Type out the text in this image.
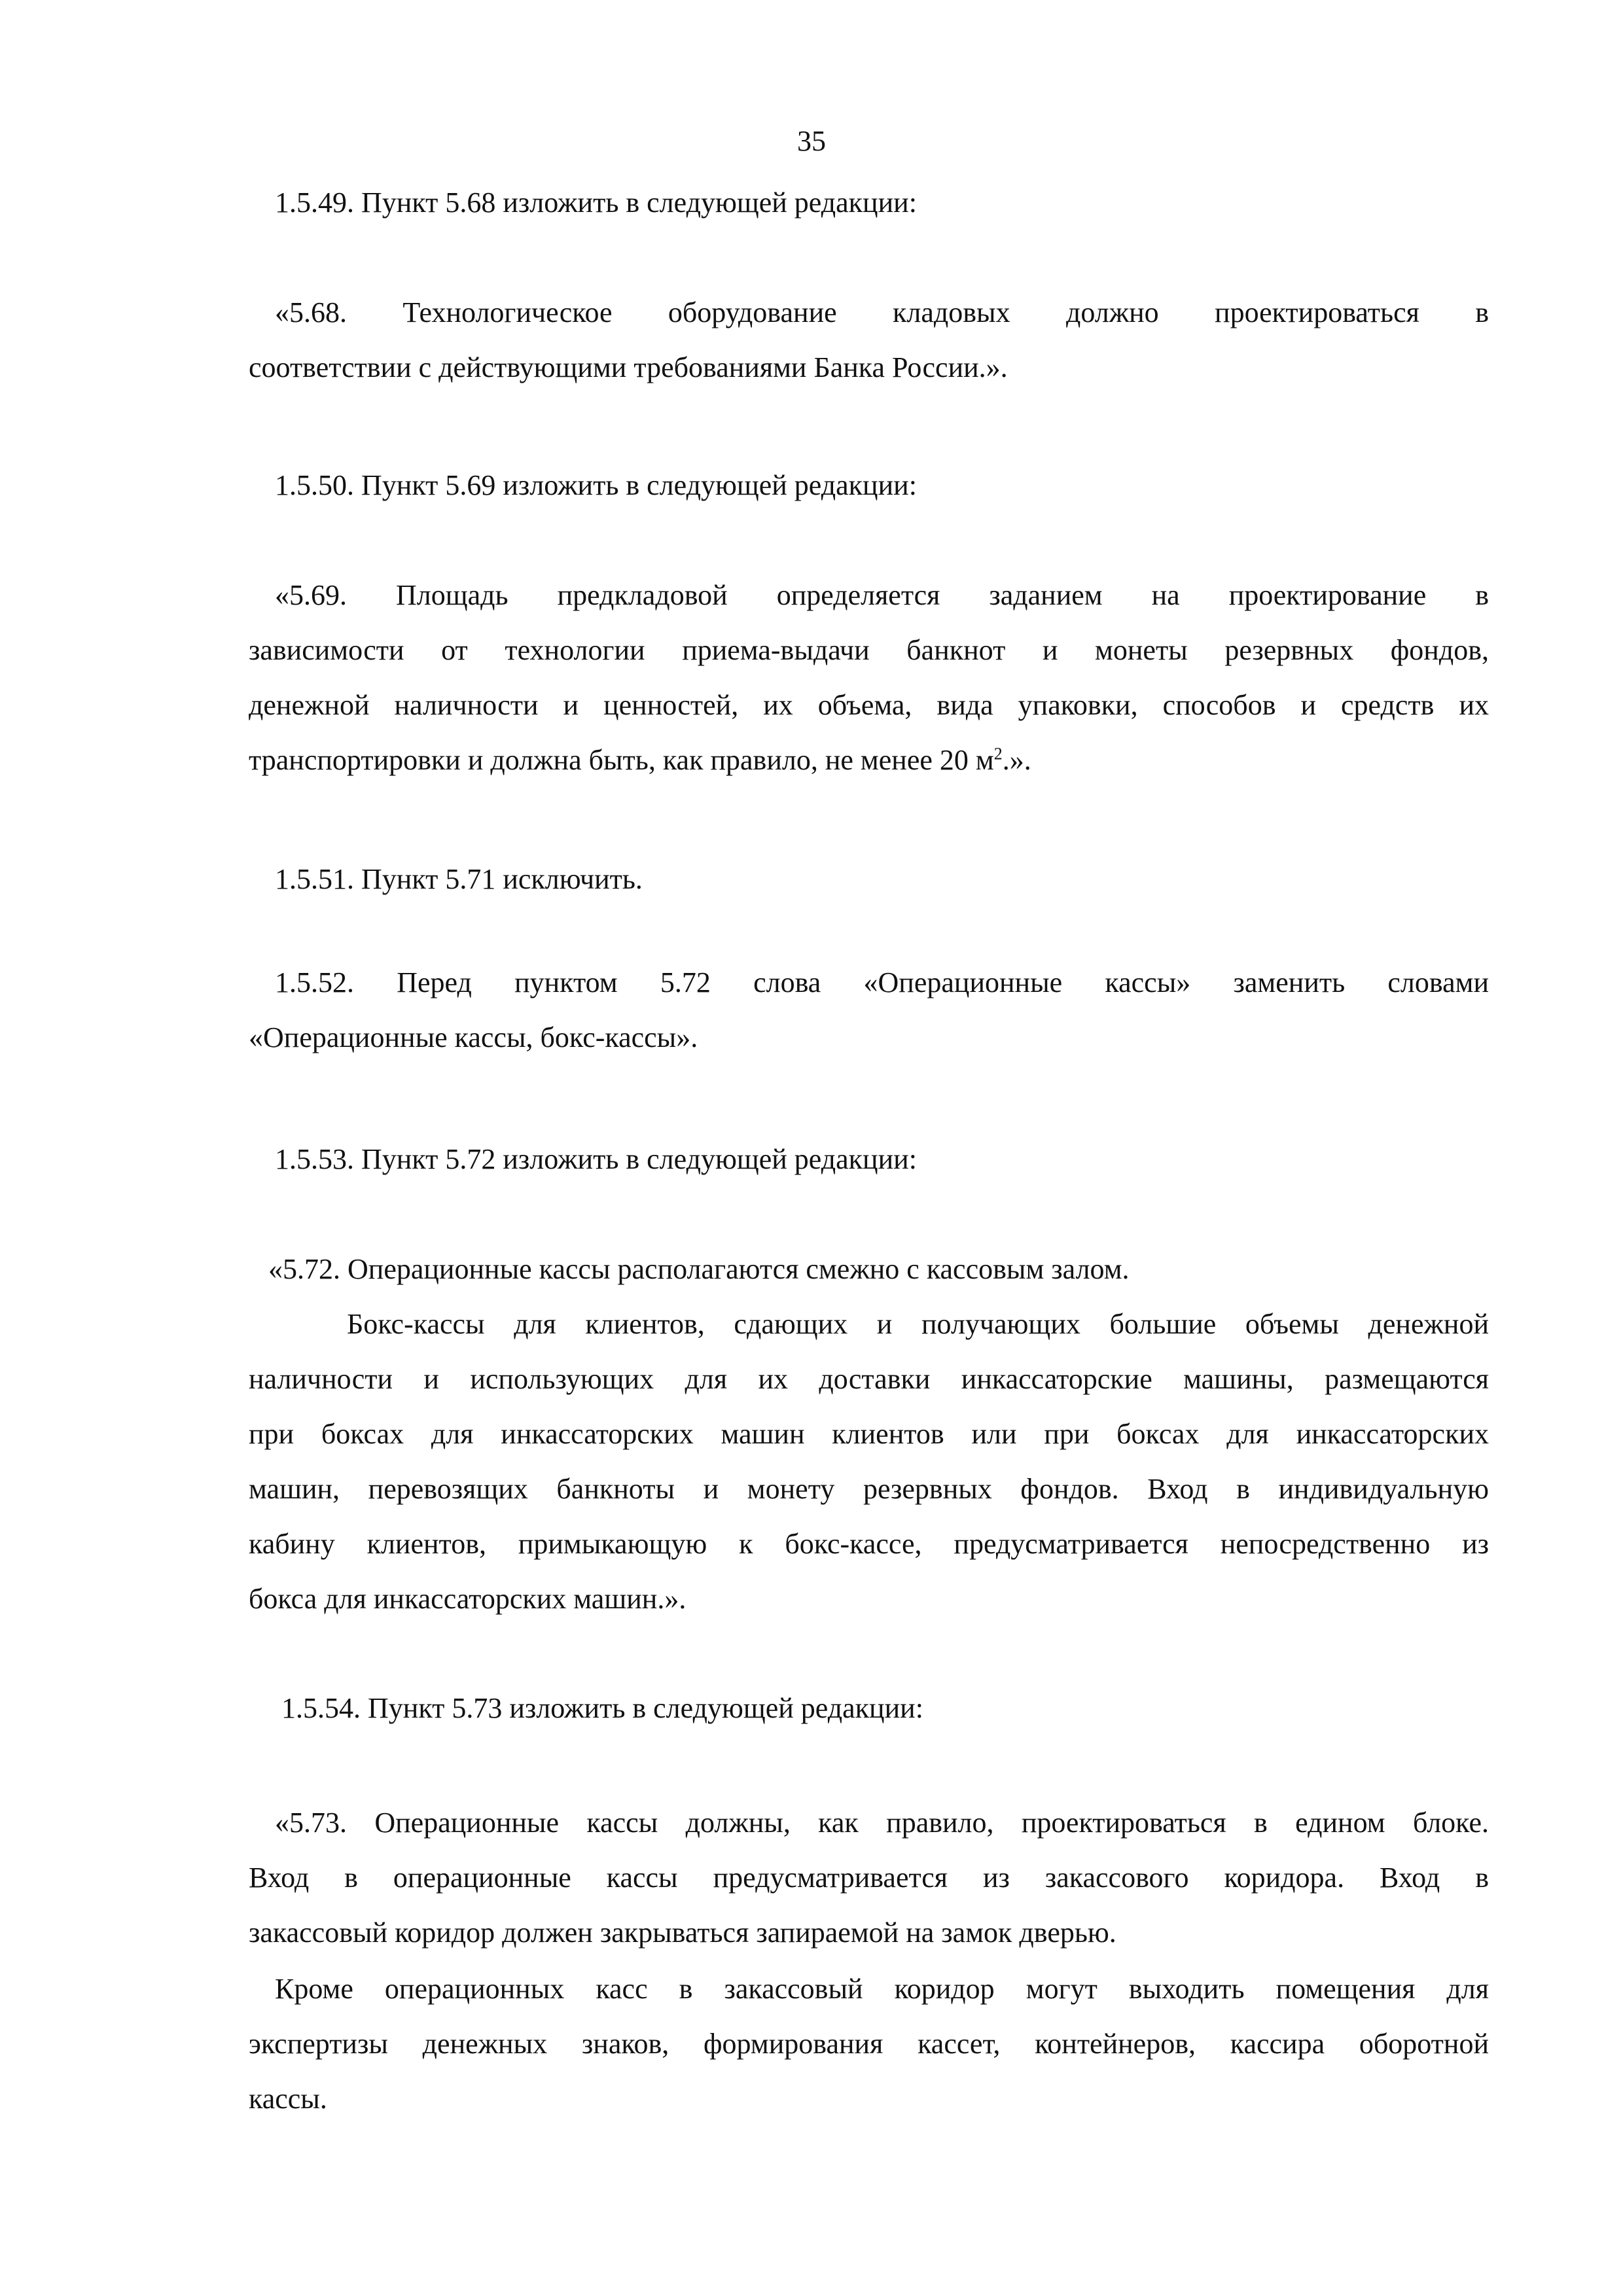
35

1.5.49. Пункт 5.68 изложить в следующей редакции:

«5.68. Технологическое оборудование кладовых должно проектироваться в

соответствии с действующими требованиями Банка России.».

1.5.50. Пункт 5.69 изложить в следующей редакции:

«5.69. Площадь предкладовой определяется заданием на проектирование в

зависимости от технологии приема-выдачи банкнот и монеты резервных фондов,

денежной наличности и ценностей, их объема, вида упаковки, способов и средств их

транспортировки и должна быть, как правило, не менее 20 $м^2$.».

1.5.51. Пункт 5.71 исключить.

1.5.52. Перед пунктом 5.72 слова «Операционные кассы» заменить словами

«Операционные кассы, бокс-кассы».

1.5.53. Пункт 5.72 изложить в следующей редакции:

«5.72. Операционные кассы располагаются смежно с кассовым залом.

Бокс-кассы для клиентов, сдающих и получающих большие объемы денежной

наличности и использующих для их доставки инкассаторские машины, размещаются

при боксах для инкассаторских машин клиентов или при боксах для инкассаторских

машин, перевозящих банкноты и монету резервных фондов. Вход в индивидуальную

кабину клиентов, примыкающую к бокс-кассе, предусматривается непосредственно из

бокса для инкассаторских машин.».

1.5.54. Пункт 5.73 изложить в следующей редакции:

«5.73. Операционные кассы должны, как правило, проектироваться в едином блоке.

Вход в операционные кассы предусматривается из закассового коридора. Вход в

закассовый коридор должен закрываться запираемой на замок дверью.

Кроме операционных касс в закассовый коридор могут выходить помещения для

экспертизы денежных знаков, формирования кассет, контейнеров, кассира оборотной

кассы.
